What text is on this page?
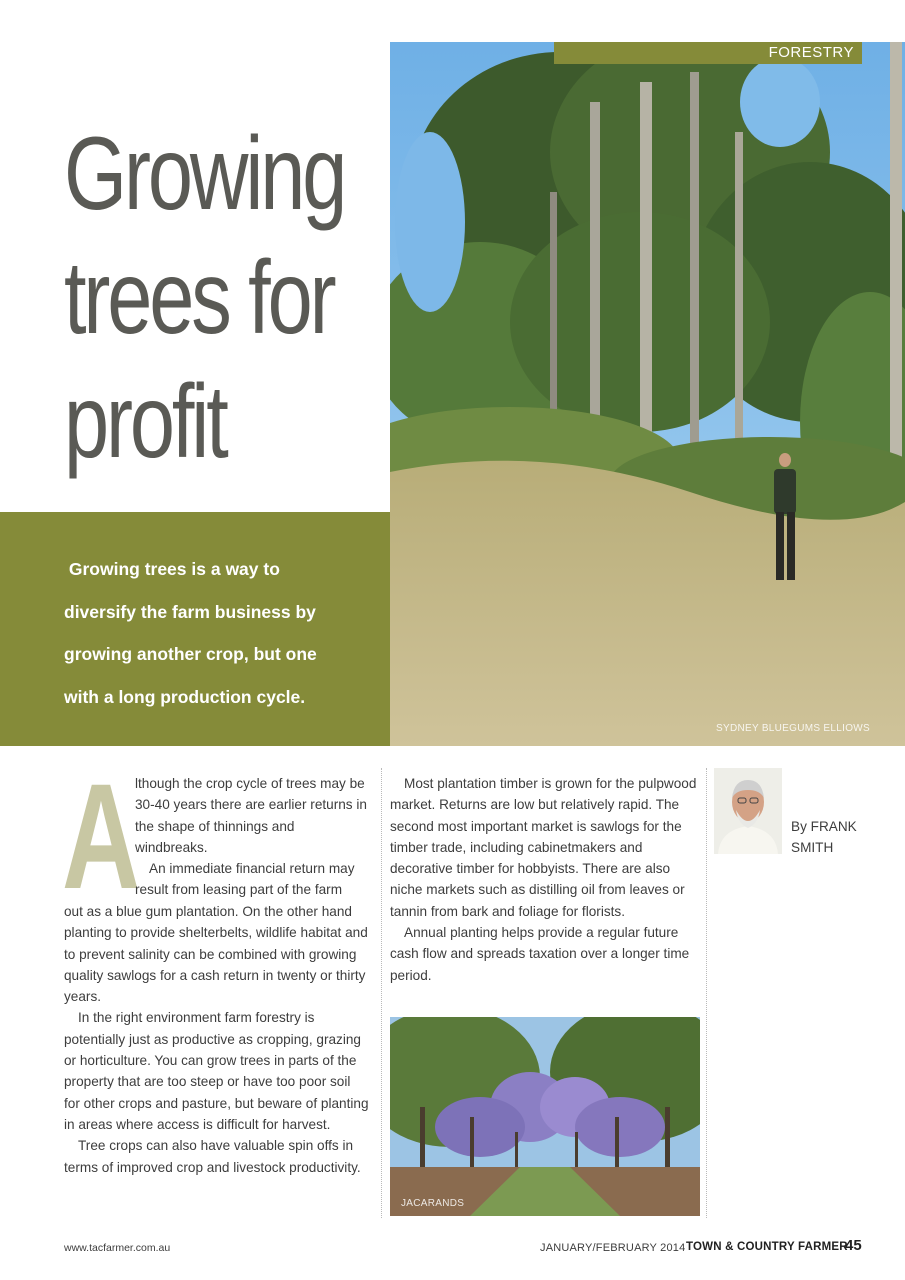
Growing
trees for
profit
Growing trees is a way to
diversify the farm business by
growing another crop, but one
with a long production cycle.
FORESTRY
SYDNEY BLUEGUMS ELLIOWS
A

lthough the crop cycle of trees may be 30-40 years there are earlier returns in the shape of thinnings and windbreaks.

An immediate financial return may result from leasing part of the farm

out as a blue gum plantation. On the other hand planting to provide shelterbelts, wildlife habitat and to prevent salinity can be combined with growing quality sawlogs for a cash return in twenty or thirty years.

In the right environment farm forestry is potentially just as productive as cropping, grazing or horticulture. You can grow trees in parts of the property that are too steep or have too poor soil for other crops and pasture, but beware of planting in areas where access is difficult for harvest.

Tree crops can also have valuable spin offs in terms of improved crop and livestock productivity.

Most plantation timber is grown for the pulpwood market. Returns are low but relatively rapid. The second most important market is sawlogs for the timber trade, including cabinetmakers and decorative timber for hobbyists. There are also niche markets such as distilling oil from leaves or tannin from bark and foliage for florists.

Annual planting helps provide a regular future cash flow and spreads taxation over a longer time period.

JACARANDS
By FRANK SMITH
www.tacfarmer.com.au	JANUARY/FEBRUARY 2014 TOWN & COUNTRY FARMER
45
